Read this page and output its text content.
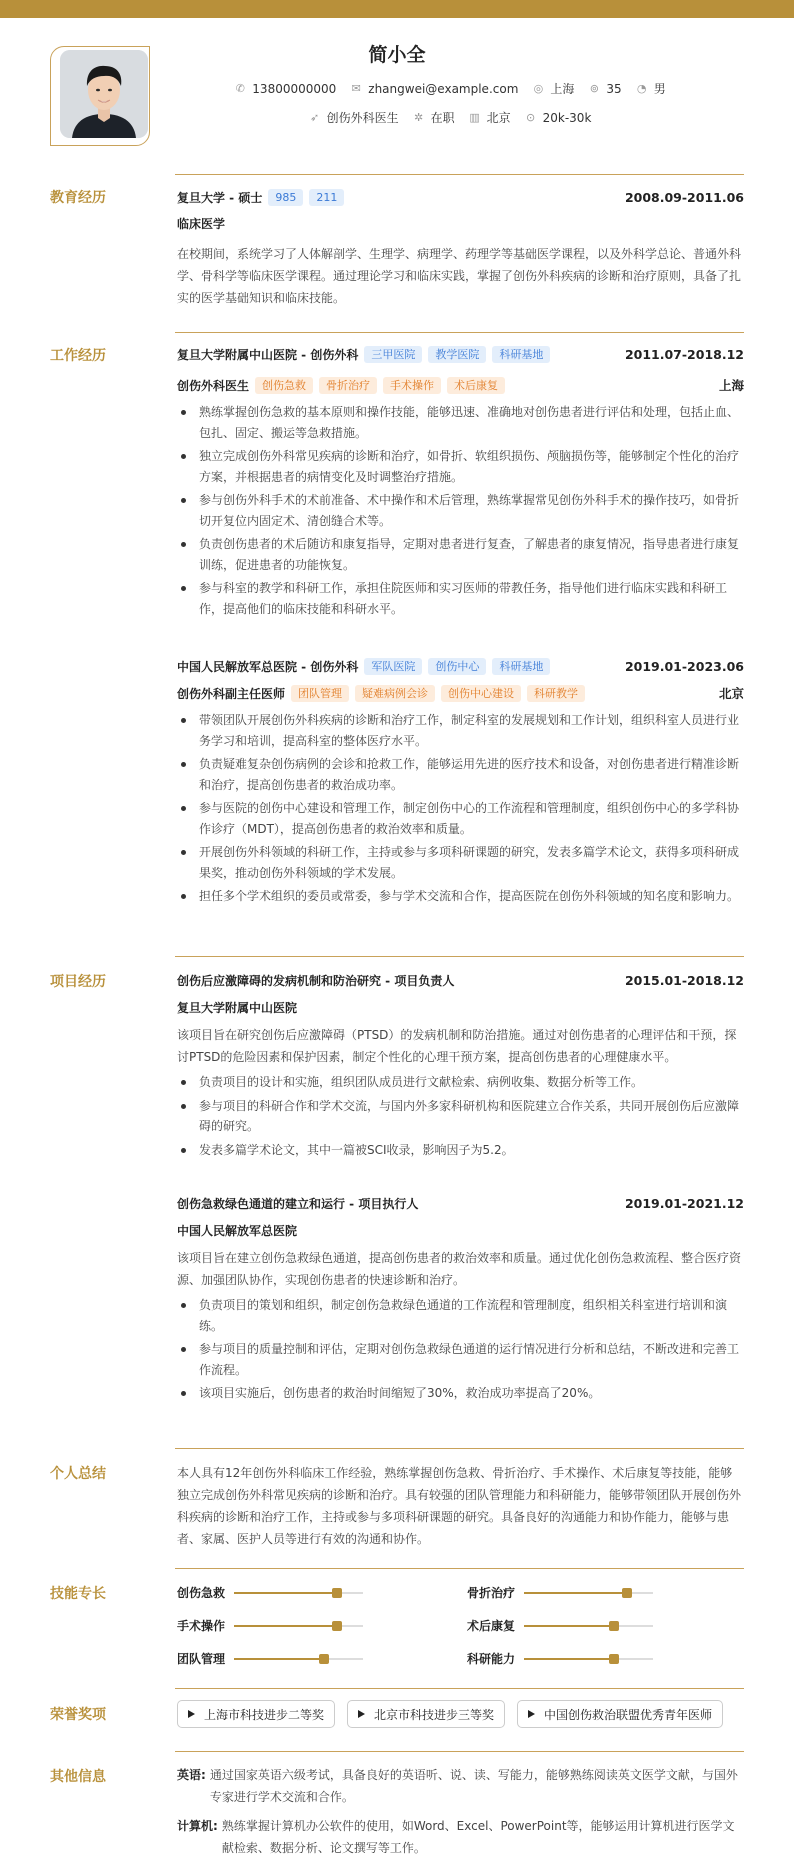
简小全
✆ 13800000000 ✉ zhangwei@example.com ◎ 上海 ⊚ 35 ◔ 男
➶ 创伤外科医生 ✲ 在职 ▥ 北京 ⊙ 20k-30k
教育经历	复旦大学 - 硕士	985	211	2008.09-2011.06
临床医学
在校期间，系统学习了人体解剖学、生理学、病理学、药理学等基础医学课程，以及外科学总论、普通外科学、骨科学等临床医学课程。通过理论学习和临床实践，掌握了创伤外科疾病的诊断和治疗原则，具备了扎实的医学基础知识和临床技能。
工作经历	复旦大学附属中山医院 - 创伤外科	三甲医院	教学医院	科研基地	2011.07-2018.12
创伤外科医生	创伤急救	骨折治疗	手术操作	术后康复	上海
熟练掌握创伤急救的基本原则和操作技能，能够迅速、准确地对创伤患者进行评估和处理，包括止血、包扎、固定、搬运等急救措施。
独立完成创伤外科常见疾病的诊断和治疗，如骨折、软组织损伤、颅脑损伤等，能够制定个性化的治疗方案，并根据患者的病情变化及时调整治疗措施。
参与创伤外科手术的术前准备、术中操作和术后管理，熟练掌握常见创伤外科手术的操作技巧，如骨折切开复位内固定术、清创缝合术等。
负责创伤患者的术后随访和康复指导，定期对患者进行复查，了解患者的康复情况，指导患者进行康复训练，促进患者的功能恢复。
参与科室的教学和科研工作，承担住院医师和实习医师的带教任务，指导他们进行临床实践和科研工作，提高他们的临床技能和科研水平。
中国人民解放军总医院 - 创伤外科	军队医院	创伤中心	科研基地	2019.01-2023.06
创伤外科副主任医师	团队管理	疑难病例会诊	创伤中心建设	科研教学	北京
带领团队开展创伤外科疾病的诊断和治疗工作，制定科室的发展规划和工作计划，组织科室人员进行业务学习和培训，提高科室的整体医疗水平。
负责疑难复杂创伤病例的会诊和抢救工作，能够运用先进的医疗技术和设备，对创伤患者进行精准诊断和治疗，提高创伤患者的救治成功率。
参与医院的创伤中心建设和管理工作，制定创伤中心的工作流程和管理制度，组织创伤中心的多学科协作诊疗（MDT），提高创伤患者的救治效率和质量。
开展创伤外科领域的科研工作，主持或参与多项科研课题的研究，发表多篇学术论文，获得多项科研成果奖，推动创伤外科领域的学术发展。
担任多个学术组织的委员或常委，参与学术交流和合作，提高医院在创伤外科领域的知名度和影响力。
项目经历	创伤后应激障碍的发病机制和防治研究 - 项目负责人	2015.01-2018.12
复旦大学附属中山医院
该项目旨在研究创伤后应激障碍（PTSD）的发病机制和防治措施。通过对创伤患者的心理评估和干预，探讨PTSD的危险因素和保护因素，制定个性化的心理干预方案，提高创伤患者的心理健康水平。
负责项目的设计和实施，组织团队成员进行文献检索、病例收集、数据分析等工作。
参与项目的科研合作和学术交流，与国内外多家科研机构和医院建立合作关系，共同开展创伤后应激障碍的研究。
发表多篇学术论文，其中一篇被SCI收录，影响因子为5.2。
创伤急救绿色通道的建立和运行 - 项目执行人	2019.01-2021.12
中国人民解放军总医院
该项目旨在建立创伤急救绿色通道，提高创伤患者的救治效率和质量。通过优化创伤急救流程、整合医疗资源、加强团队协作，实现创伤患者的快速诊断和治疗。
负责项目的策划和组织，制定创伤急救绿色通道的工作流程和管理制度，组织相关科室进行培训和演练。
参与项目的质量控制和评估，定期对创伤急救绿色通道的运行情况进行分析和总结，不断改进和完善工作流程。
该项目实施后，创伤患者的救治时间缩短了30%，救治成功率提高了20%。
个人总结	本人具有12年创伤外科临床工作经验，熟练掌握创伤急救、骨折治疗、手术操作、术后康复等技能，能够独立完成创伤外科常见疾病的诊断和治疗。具有较强的团队管理能力和科研能力，能够带领团队开展创伤外科疾病的诊断和治疗工作，主持或参与多项科研课题的研究。具备良好的沟通能力和协作能力，能够与患者、家属、医护人员等进行有效的沟通和协作。
技能专长	创伤急救	骨折治疗
手术操作	术后康复
团队管理	科研能力
荣誉奖项	上海市科技进步二等奖	北京市科技进步三等奖	中国创伤救治联盟优秀青年医师
其他信息	英语: 通过国家英语六级考试，具备良好的英语听、说、读、写能力，能够熟练阅读英文医学文献，与国外专家进行学术交流和合作。
计算机: 熟练掌握计算机办公软件的使用，如Word、Excel、PowerPoint等，能够运用计算机进行医学文献检索、数据分析、论文撰写等工作。
